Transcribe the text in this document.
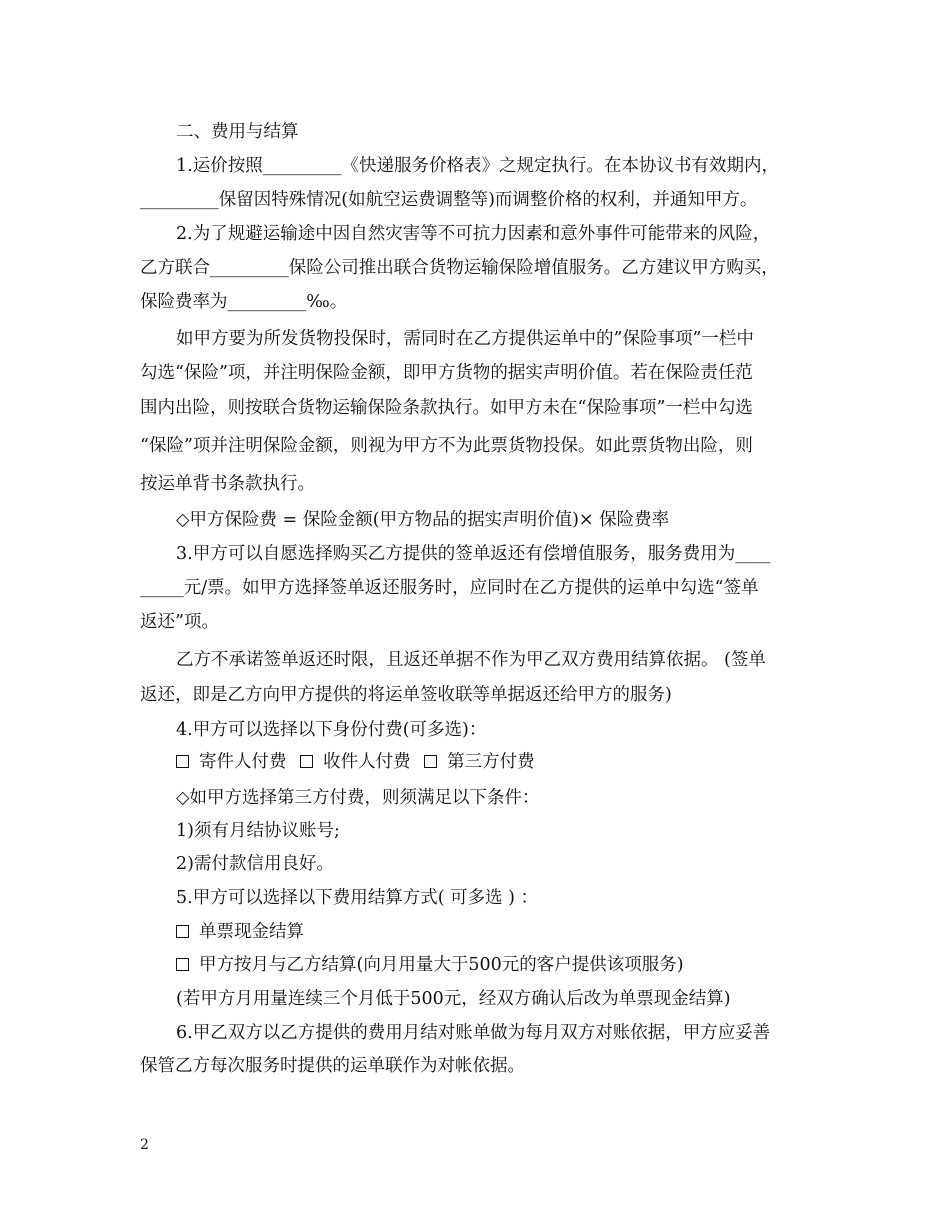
二、费用与结算
1.运价按照_________《快递服务价格表》之规定执行。在本协议书有效期内，
_________保留因特殊情况(如航空运费调整等)而调整价格的权利，并通知甲方。
2.为了规避运输途中因自然灾害等不可抗力因素和意外事件可能带来的风险，
乙方联合_________保险公司推出联合货物运输保险增值服务。乙方建议甲方购买，
保险费率为_________‰。
如甲方要为所发货物投保时，需同时在乙方提供运单中的”保险事项”一栏中
勾选“保险”项，并注明保险金额，即甲方货物的据实声明价值。若在保险责任范
围内出险，则按联合货物运输保险条款执行。如甲方未在“保险事项”一栏中勾选
“保险”项并注明保险金额，则视为甲方不为此票货物投保。如此票货物出险，则
按运单背书条款执行。
◇甲方保险费 = 保险金额(甲方物品的据实声明价值)× 保险费率
3.甲方可以自愿选择购买乙方提供的签单返还有偿增值服务，服务费用为____
_____元/票。如甲方选择签单返还服务时，应同时在乙方提供的运单中勾选“签单
返还”项。
乙方不承诺签单返还时限，且返还单据不作为甲乙双方费用结算依据。 (签单
返还，即是乙方向甲方提供的将运单签收联等单据返还给甲方的服务)
4.甲方可以选择以下身份付费(可多选)：
寄件人付费 收件人付费 第三方付费
◇如甲方选择第三方付费，则须满足以下条件：
1)须有月结协议账号;
2)需付款信用良好。
5.甲方可以选择以下费用结算方式( 可多选 ) ：
单票现金结算
甲方按月与乙方结算(向月用量大于500元的客户提供该项服务)
(若甲方月用量连续三个月低于500元，经双方确认后改为单票现金结算)
6.甲乙双方以乙方提供的费用月结对账单做为每月双方对账依据，甲方应妥善
保管乙方每次服务时提供的运单联作为对帐依据。
2
